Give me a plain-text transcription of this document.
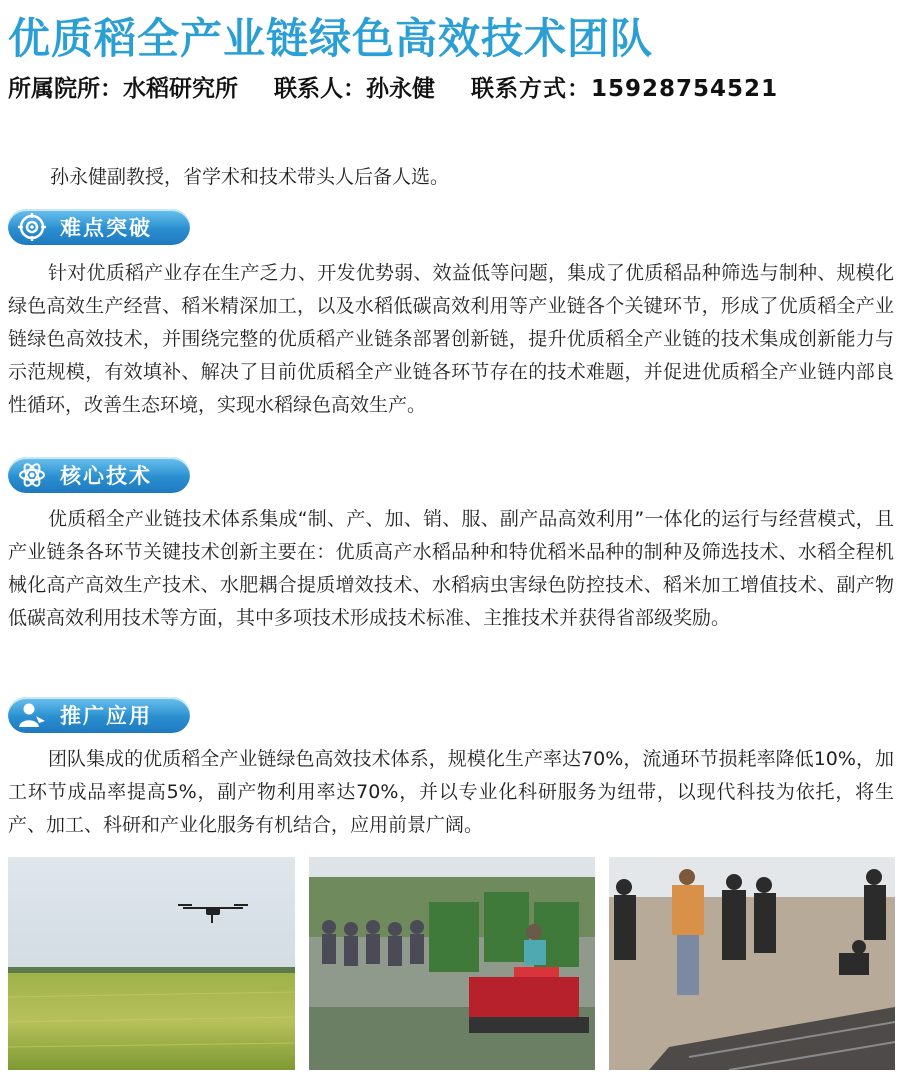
优质稻全产业链绿色高效技术团队
所属院所：水稻研究所 联系人：孙永健 联系方式：15928754521
孙永健副教授，省学术和技术带头人后备人选。
难点突破
针对优质稻产业存在生产乏力、开发优势弱、效益低等问题，集成了优质稻品种筛选与制种、规模化绿色高效生产经营、稻米精深加工，以及水稻低碳高效利用等产业链各个关键环节，形成了优质稻全产业链绿色高效技术，并围绕完整的优质稻产业链条部署创新链，提升优质稻全产业链的技术集成创新能力与示范规模，有效填补、解决了目前优质稻全产业链各环节存在的技术难题，并促进优质稻全产业链内部良性循环，改善生态环境，实现水稻绿色高效生产。
核心技术
优质稻全产业链技术体系集成“制、产、加、销、服、副产品高效利用”一体化的运行与经营模式，且产业链条各环节关键技术创新主要在：优质高产水稻品种和特优稻米品种的制种及筛选技术、水稻全程机械化高产高效生产技术、水肥耦合提质增效技术、水稻病虫害绿色防控技术、稻米加工增值技术、副产物低碳高效利用技术等方面，其中多项技术形成技术标准、主推技术并获得省部级奖励。
推广应用
团队集成的优质稻全产业链绿色高效技术体系，规模化生产率达70%，流通环节损耗率降低10%，加工环节成品率提高5%，副产物利用率达70%，并以专业化科研服务为纽带，以现代科技为依托，将生产、加工、科研和产业化服务有机结合，应用前景广阔。
